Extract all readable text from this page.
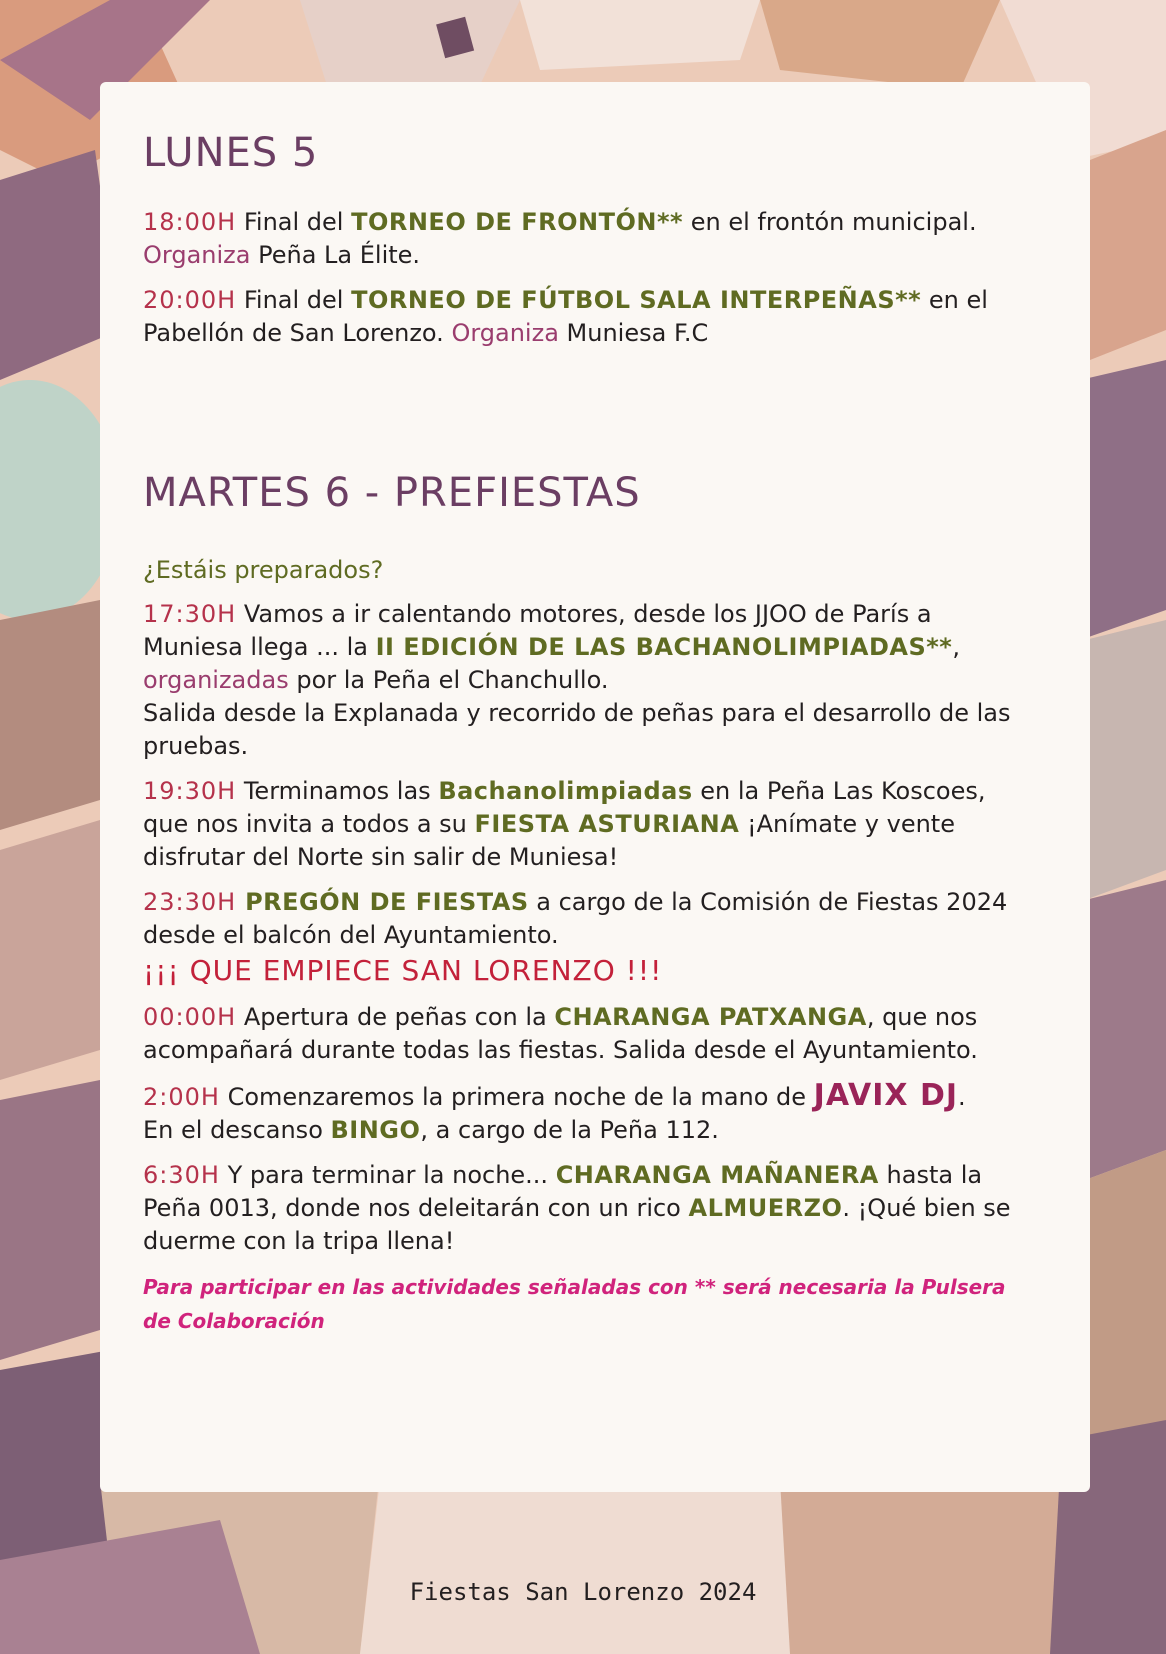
LUNES 5

18:00H Final del TORNEO DE FRONTÓN** en el frontón municipal. Organiza Peña La Élite.

20:00H Final del TORNEO DE FÚTBOL SALA INTERPEÑAS** en el Pabellón de San Lorenzo. Organiza Muniesa F.C

MARTES 6 - PREFIESTAS

¿Estáis preparados?

17:30H Vamos a ir calentando motores, desde los JJOO de París a Muniesa llega ... la II EDICIÓN DE LAS BACHANOLIMPIADAS**, organizadas por la Peña el Chanchullo.
Salida desde la Explanada y recorrido de peñas para el desarrollo de las pruebas.

19:30H Terminamos las Bachanolimpiadas en la Peña Las Koscoes, que nos invita a todos a su FIESTA ASTURIANA ¡Anímate y vente disfrutar del Norte sin salir de Muniesa!

23:30H PREGÓN DE FIESTAS a cargo de la Comisión de Fiestas 2024 desde el balcón del Ayuntamiento.
¡¡¡ QUE EMPIECE SAN LORENZO !!!

00:00H Apertura de peñas con la CHARANGA PATXANGA, que nos acompañará durante todas las fiestas. Salida desde el Ayuntamiento.

2:00H Comenzaremos la primera noche de la mano de JAVIX DJ.
En el descanso BINGO, a cargo de la Peña 112.

6:30H Y para terminar la noche... CHARANGA MAÑANERA hasta la Peña 0013, donde nos deleitarán con un rico ALMUERZO. ¡Qué bien se duerme con la tripa llena!

Para participar en las actividades señaladas con ** será necesaria la Pulsera de Colaboración

Fiestas San Lorenzo 2024
